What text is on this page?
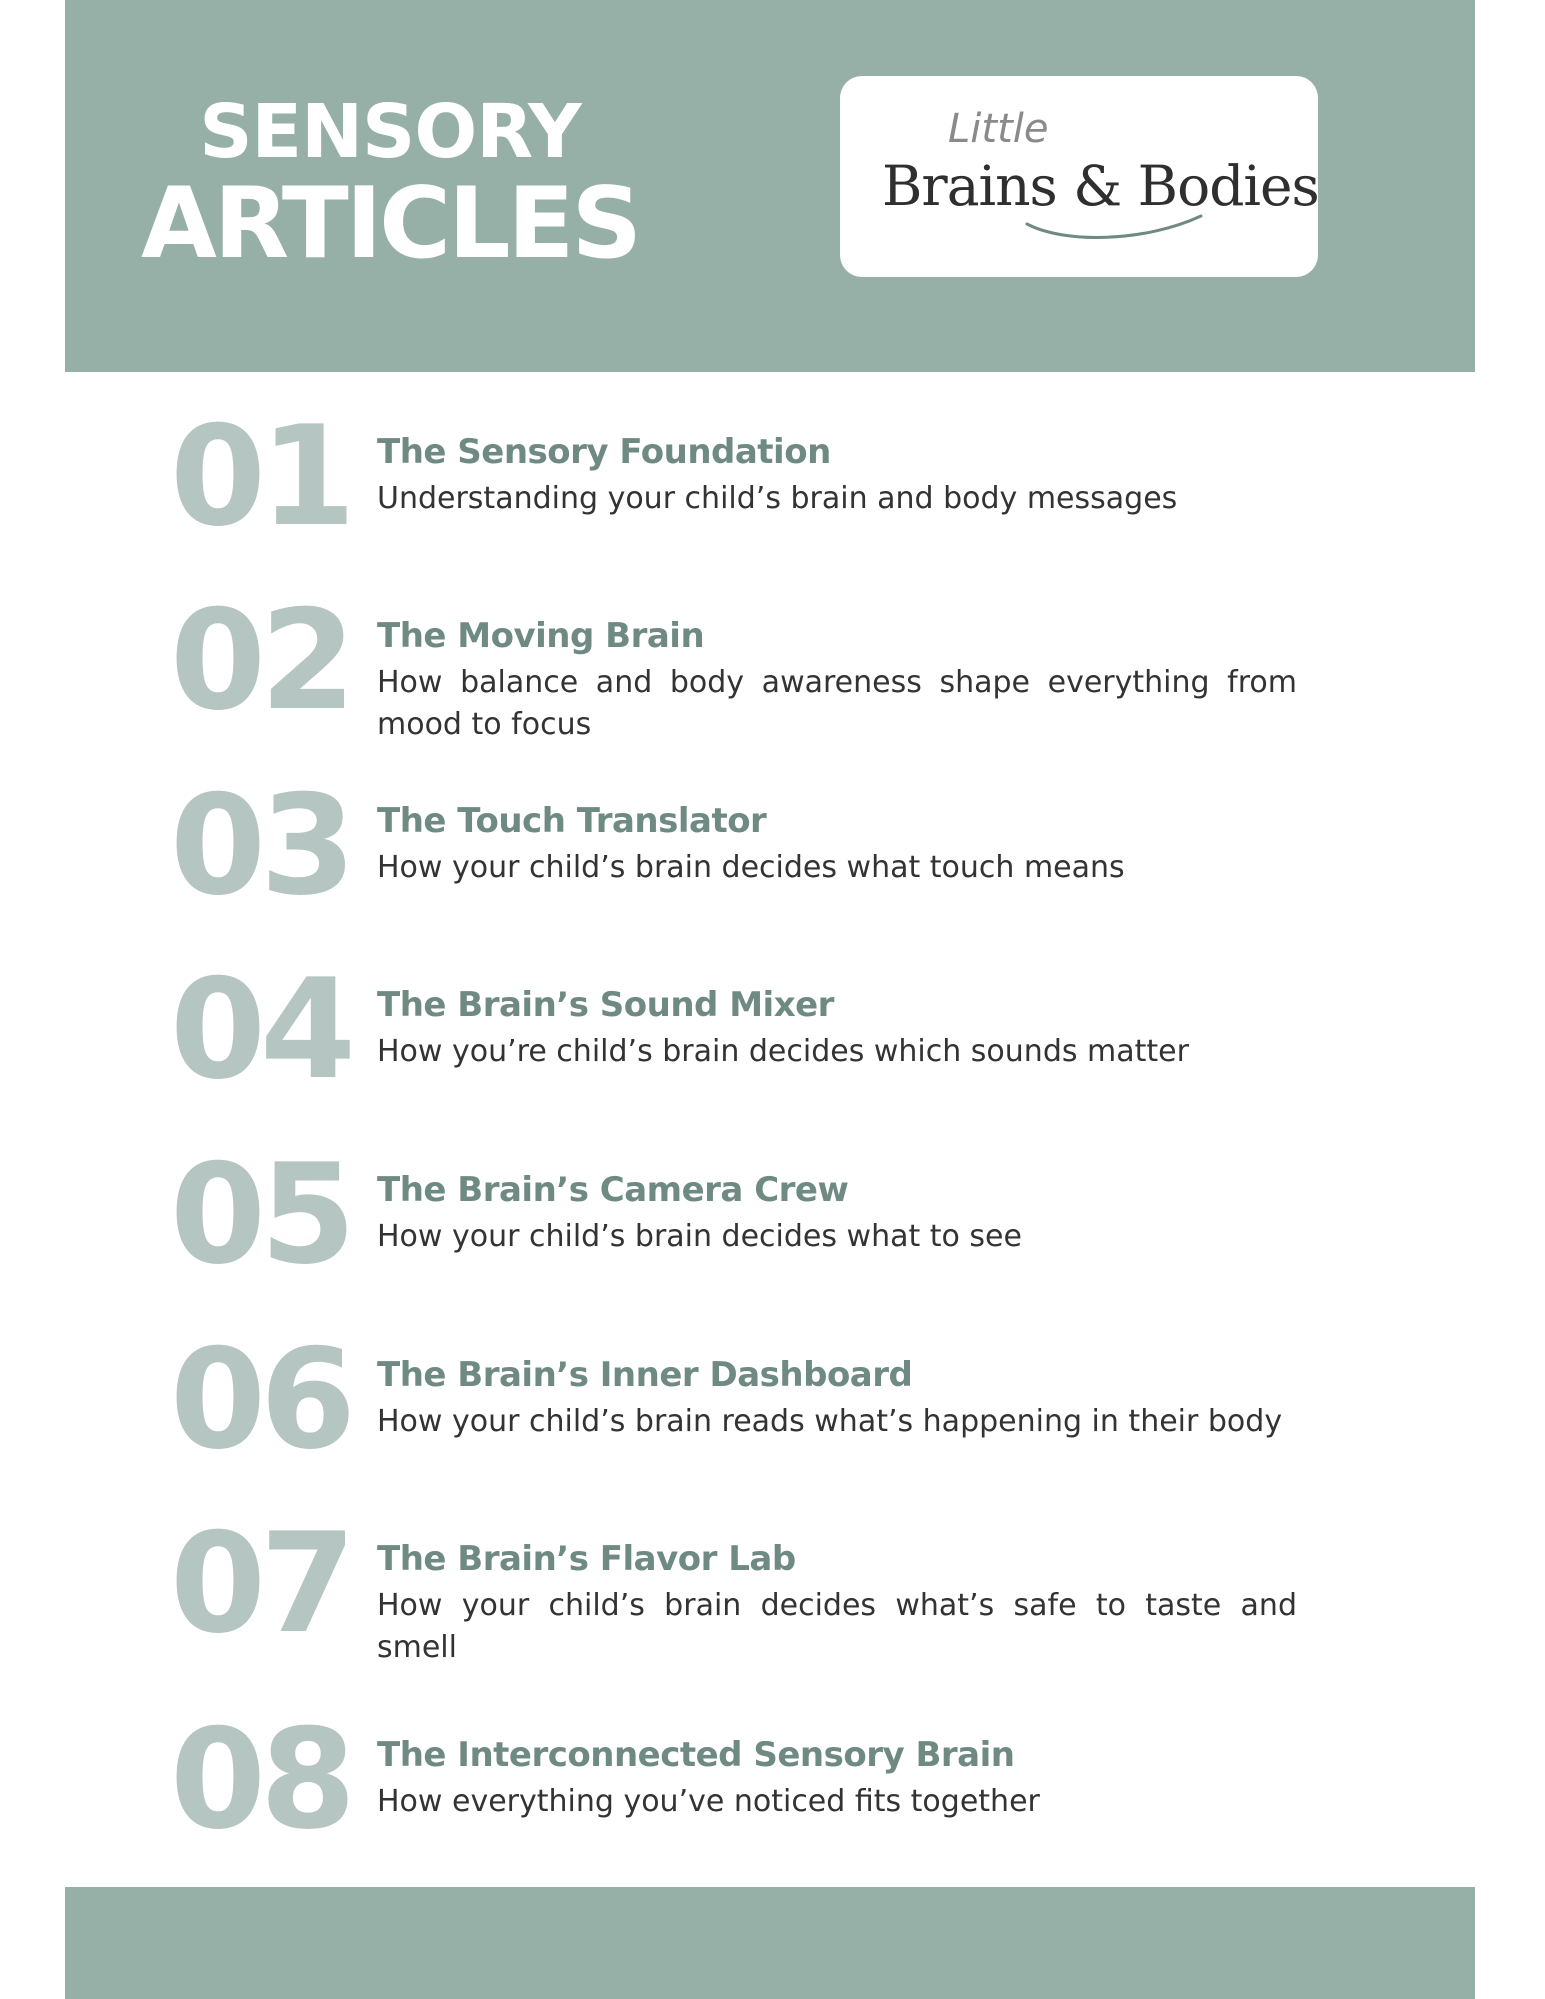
SENSORY
ARTICLES
Little
Brains & Bodies
01 The Sensory Foundation
Understanding your child’s brain and body messages
02 The Moving Brain
How balance and body awareness shape everything from mood to focus
03 The Touch Translator
How your child’s brain decides what touch means
04 The Brain’s Sound Mixer
How you’re child’s brain decides which sounds matter
05 The Brain’s Camera Crew
How your child’s brain decides what to see
06 The Brain’s Inner Dashboard
How your child’s brain reads what’s happening in their body
07 The Brain’s Flavor Lab
How your child’s brain decides what’s safe to taste and smell
08 The Interconnected Sensory Brain
How everything you’ve noticed fits together
